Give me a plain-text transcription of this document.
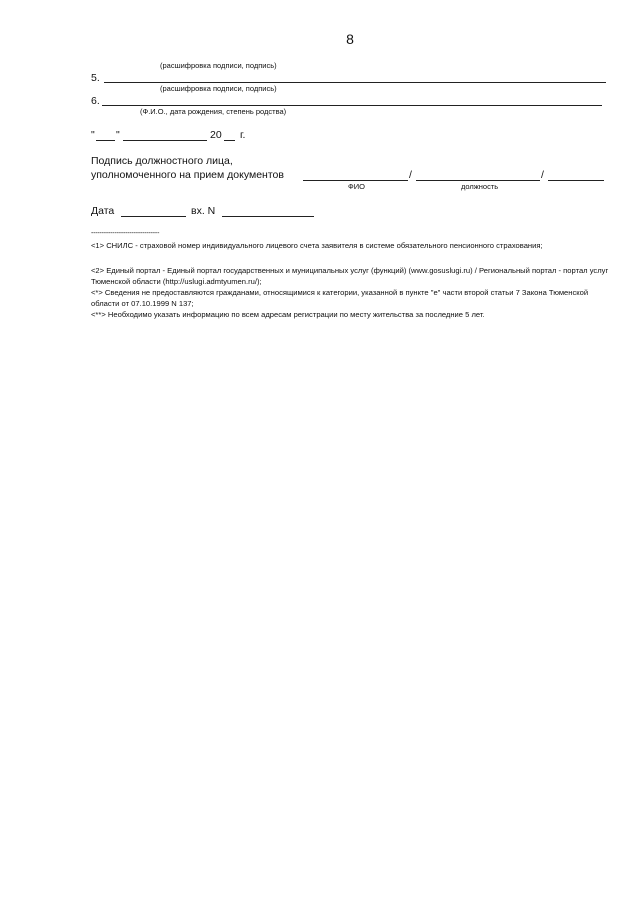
8
(расшифровка подписи, подпись)
5.
(расшифровка подписи, подпись)
6.
(Ф.И.О., дата рождения, степень родства)
" "	20 г.
Подпись должностного лица,
уполномоченного на прием документов	/	/
ФИО	должность
Дата	вх. N
--------------------------------
<1> СНИЛС - страховой номер индивидуального лицевого счета заявителя в системе обязательного пенсионного страхования;
<2> Единый портал - Единый портал государственных и муниципальных услуг (функций) (www.gosuslugi.ru) / Региональный портал - портал услуг Тюменской области (http://uslugi.admtyumen.ru/);
<*> Сведения не предоставляются гражданами, относящимися к категории, указанной в пункте "е" части второй статьи 7 Закона Тюменской области от 07.10.1999 N 137;
<**> Необходимо указать информацию по всем адресам регистрации по месту жительства за последние 5 лет.
